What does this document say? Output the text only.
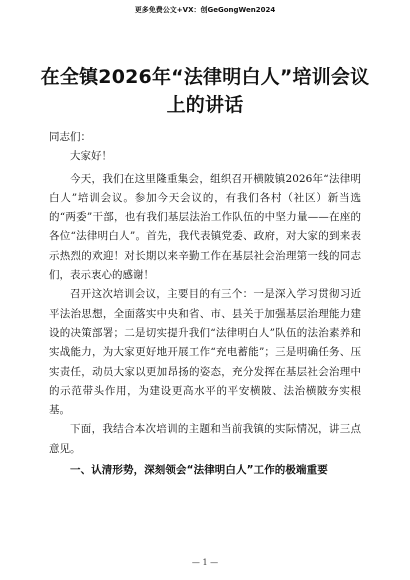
更多免费公文+VX：创GeGongWen2024
在全镇2026年“法律明白人”培训会议上的讲话

同志们：

大家好！

今天，我们在这里隆重集会，组织召开横陂镇2026年“法律明白人”培训会议。参加今天会议的，有我们各村（社区）新当选的“两委”干部，也有我们基层法治工作队伍的中坚力量——在座的各位“法律明白人”。首先，我代表镇党委、政府，对大家的到来表示热烈的欢迎！对长期以来辛勤工作在基层社会治理第一线的同志们，表示衷心的感谢！

召开这次培训会议，主要目的有三个：一是深入学习贯彻习近平法治思想，全面落实中央和省、市、县关于加强基层治理能力建设的决策部署；二是切实提升我们“法律明白人”队伍的法治素养和实战能力，为大家更好地开展工作“充电蓄能”；三是明确任务、压实责任，动员大家以更加昂扬的姿态，充分发挥在基层社会治理中的示范带头作用，为建设更高水平的平安横陂、法治横陂夯实根基。

下面，我结合本次培训的主题和当前我镇的实际情况，讲三点意见。

一、认清形势，深刻领会“法律明白人”工作的极端重要

— 1 —
